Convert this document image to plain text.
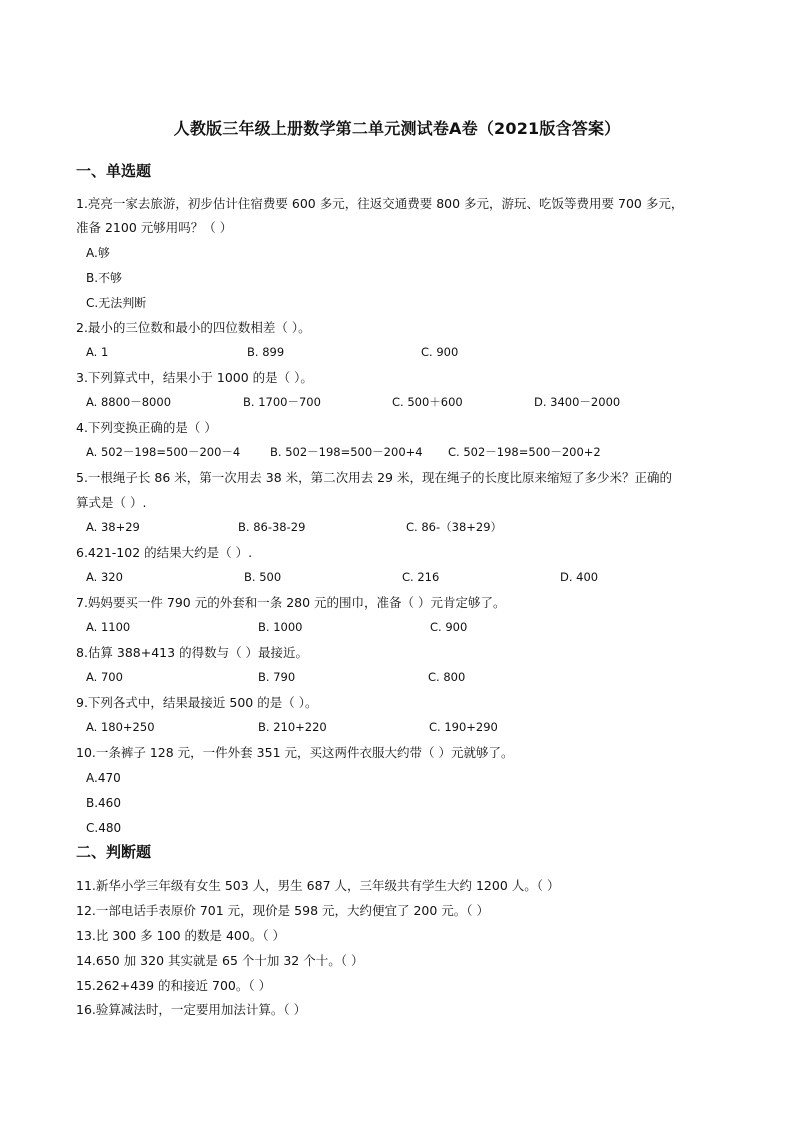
人教版三年级上册数学第二单元测试卷A卷（2021版含答案）
一、单选题
1.亮亮一家去旅游，初步估计住宿费要 600 多元，往返交通费要 800 多元，游玩、吃饭等费用要 700 多元，
准备 2100 元够用吗？（ ）
A.够
B.不够
C.无法判断
2.最小的三位数和最小的四位数相差（ ）。
A. 1	B. 899	C. 900
3.下列算式中，结果小于 1000 的是（ ）。
A. 8800－8000	B. 1700－700	C. 500＋600	D. 3400－2000
4.下列变换正确的是（ ）
A. 502－198=500－200－4	B. 502－198=500－200+4 C. 502－198=500－200+2
5.一根绳子长 86 米，第一次用去 38 米，第二次用去 29 米，现在绳子的长度比原来缩短了多少米？正确的
算式是（ ）.
A. 38+29	B. 86-38-29	C. 86-（38+29）
6.421-102 的结果大约是（ ）.
A. 320	B. 500	C. 216	D. 400
7.妈妈要买一件 790 元的外套和一条 280 元的围巾，准备（ ）元肯定够了。
A. 1100	B. 1000	C. 900
8.估算 388+413 的得数与（ ）最接近。
A. 700	B. 790	C. 800
9.下列各式中，结果最接近 500 的是（ ）。
A. 180+250	B. 210+220	C. 190+290
10.一条裤子 128 元，一件外套 351 元，买这两件衣服大约带（ ）元就够了。
A.470
B.460
C.480
二、判断题
11.新华小学三年级有女生 503 人，男生 687 人，三年级共有学生大约 1200 人。（ ）
12.一部电话手表原价 701 元，现价是 598 元，大约便宜了 200 元。（ ）
13.比 300 多 100 的数是 400。（ ）
14.650 加 320 其实就是 65 个十加 32 个十。（ ）
15.262+439 的和接近 700。（ ）
16.验算减法时，一定要用加法计算。（ ）
